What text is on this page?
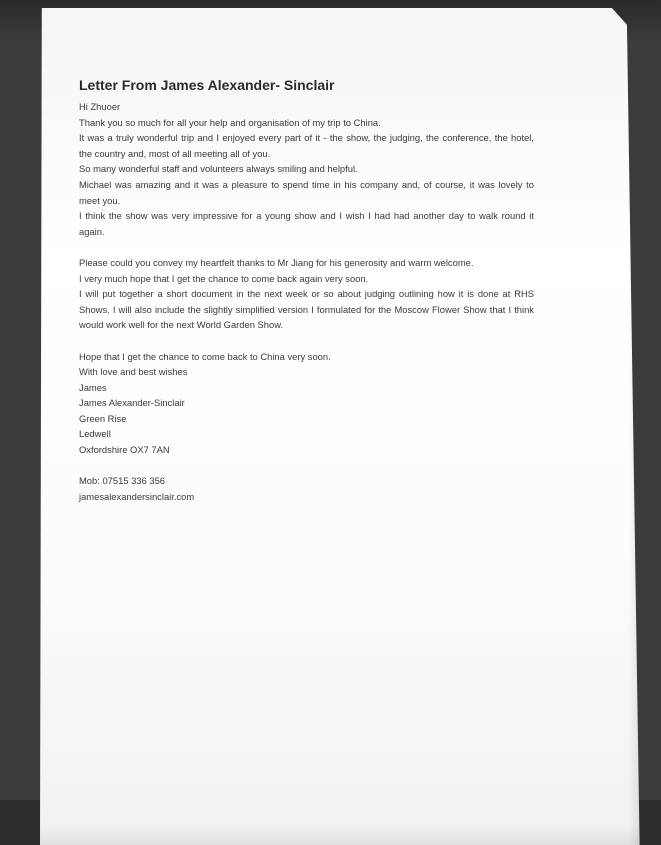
Letter From James Alexander- Sinclair
Hi Zhuoer
Thank you so much for all your help and organisation of my trip to China.
It was a truly wonderful trip and I enjoyed every part of it - the show, the judging, the conference, the hotel, the country and, most of all meeting all of you.
So many wonderful staff and volunteers always smiling and helpful.
Michael was amazing and it was a pleasure to spend time in his company and, of course, it was lovely to meet you.
I think the show was very impressive for a young show and I wish I had had another day to walk round it again.
Please could you convey my heartfelt thanks to Mr Jiang for his generosity and warm welcome.
I very much hope that I get the chance to come back again very soon.
I will put together a short document in the next week or so about judging outlining how it is done at RHS Shows. I will also include the slightly simplified version I formulated for the Moscow Flower Show that I think would work well for the next World Garden Show.
Hope that I get the chance to come back to China very soon.
With love and best wishes
James
James Alexander-Sinclair
Green Rise
Ledwell
Oxfordshire OX7 7AN
Mob: 07515 336 356
jamesalexandersinclair.com
